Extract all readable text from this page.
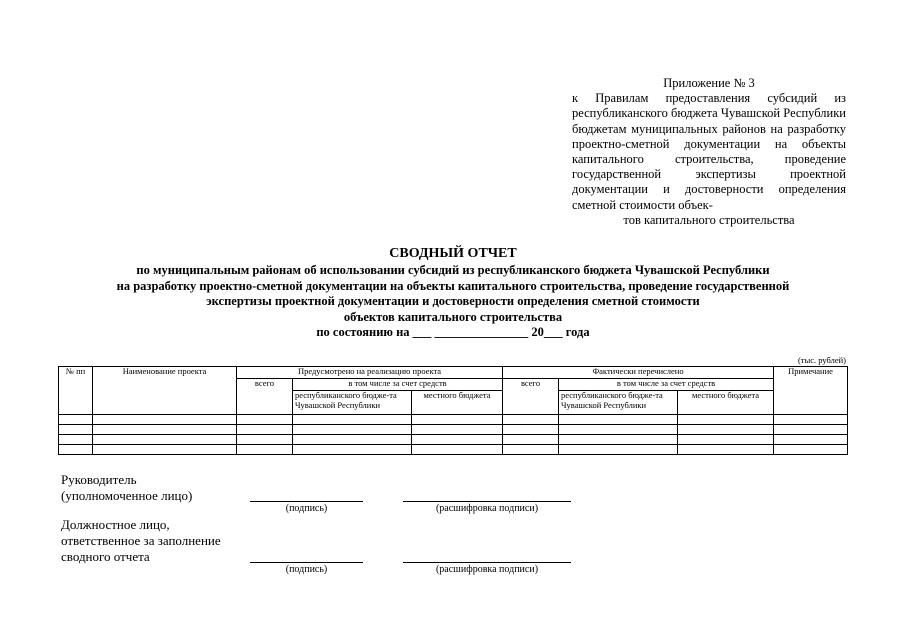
Приложение № 3
к Правилам предоставления субсидий из республиканского бюджета Чувашской Республики бюджетам муниципальных районов на разработку проектно-сметной документации на объекты капитального строительства, проведение государственной экспертизы проектной документации и достоверности определения сметной стоимости объек-
тов капитального строительства
СВОДНЫЙ ОТЧЕТ
по муниципальным районам об использовании субсидий из республиканского бюджета Чувашской Республики
на разработку проектно-сметной документации на объекты капитального строительства, проведение государственной
экспертизы проектной документации и достоверности определения сметной стоимости
объектов капитального строительства
по состоянию на ___ _______________ 20___ года
(тыс. рублей)
№ пп	Наименование проекта	Предусмотрено на реализацию проекта			Фактически перечислено			Примечание
		всего	в том числе за счет средств		всего	в том числе за счет средств		
			республиканского бюдже-та Чувашской Республики	местного бюджета		республиканского бюдже-та Чувашской Республики	местного бюджета	

Руководитель
(уполномоченное лицо)
(подпись)	(расшифровка подписи)
Должностное лицо,
ответственное за заполнение
сводного отчета
(подпись)	(расшифровка подписи)
